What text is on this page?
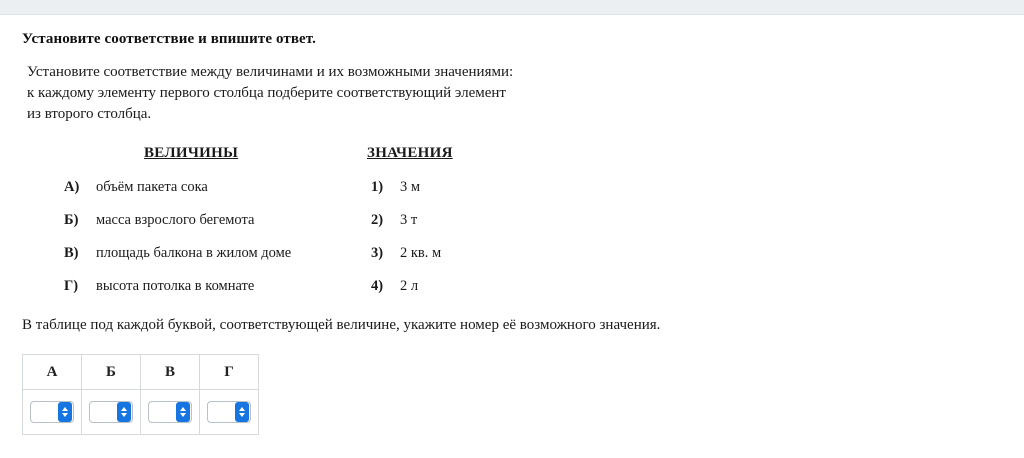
Установите соответствие и впишите ответ.
Установите соответствие между величинами и их возможными значениями:
к каждому элементу первого столбца подберите соответствующий элемент
из второго столбца.
ВЕЛИЧИНЫ	ЗНАЧЕНИЯ
А) объём пакета сока	1) 3 м
Б) масса взрослого бегемота	2) 3 т
В) площадь балкона в жилом доме	3) 2 кв. м
Г) высота потолка в комнате	4) 2 л
В таблице под каждой буквой, соответствующей величине, укажите номер её возможного значения.
А	Б	В	Г
